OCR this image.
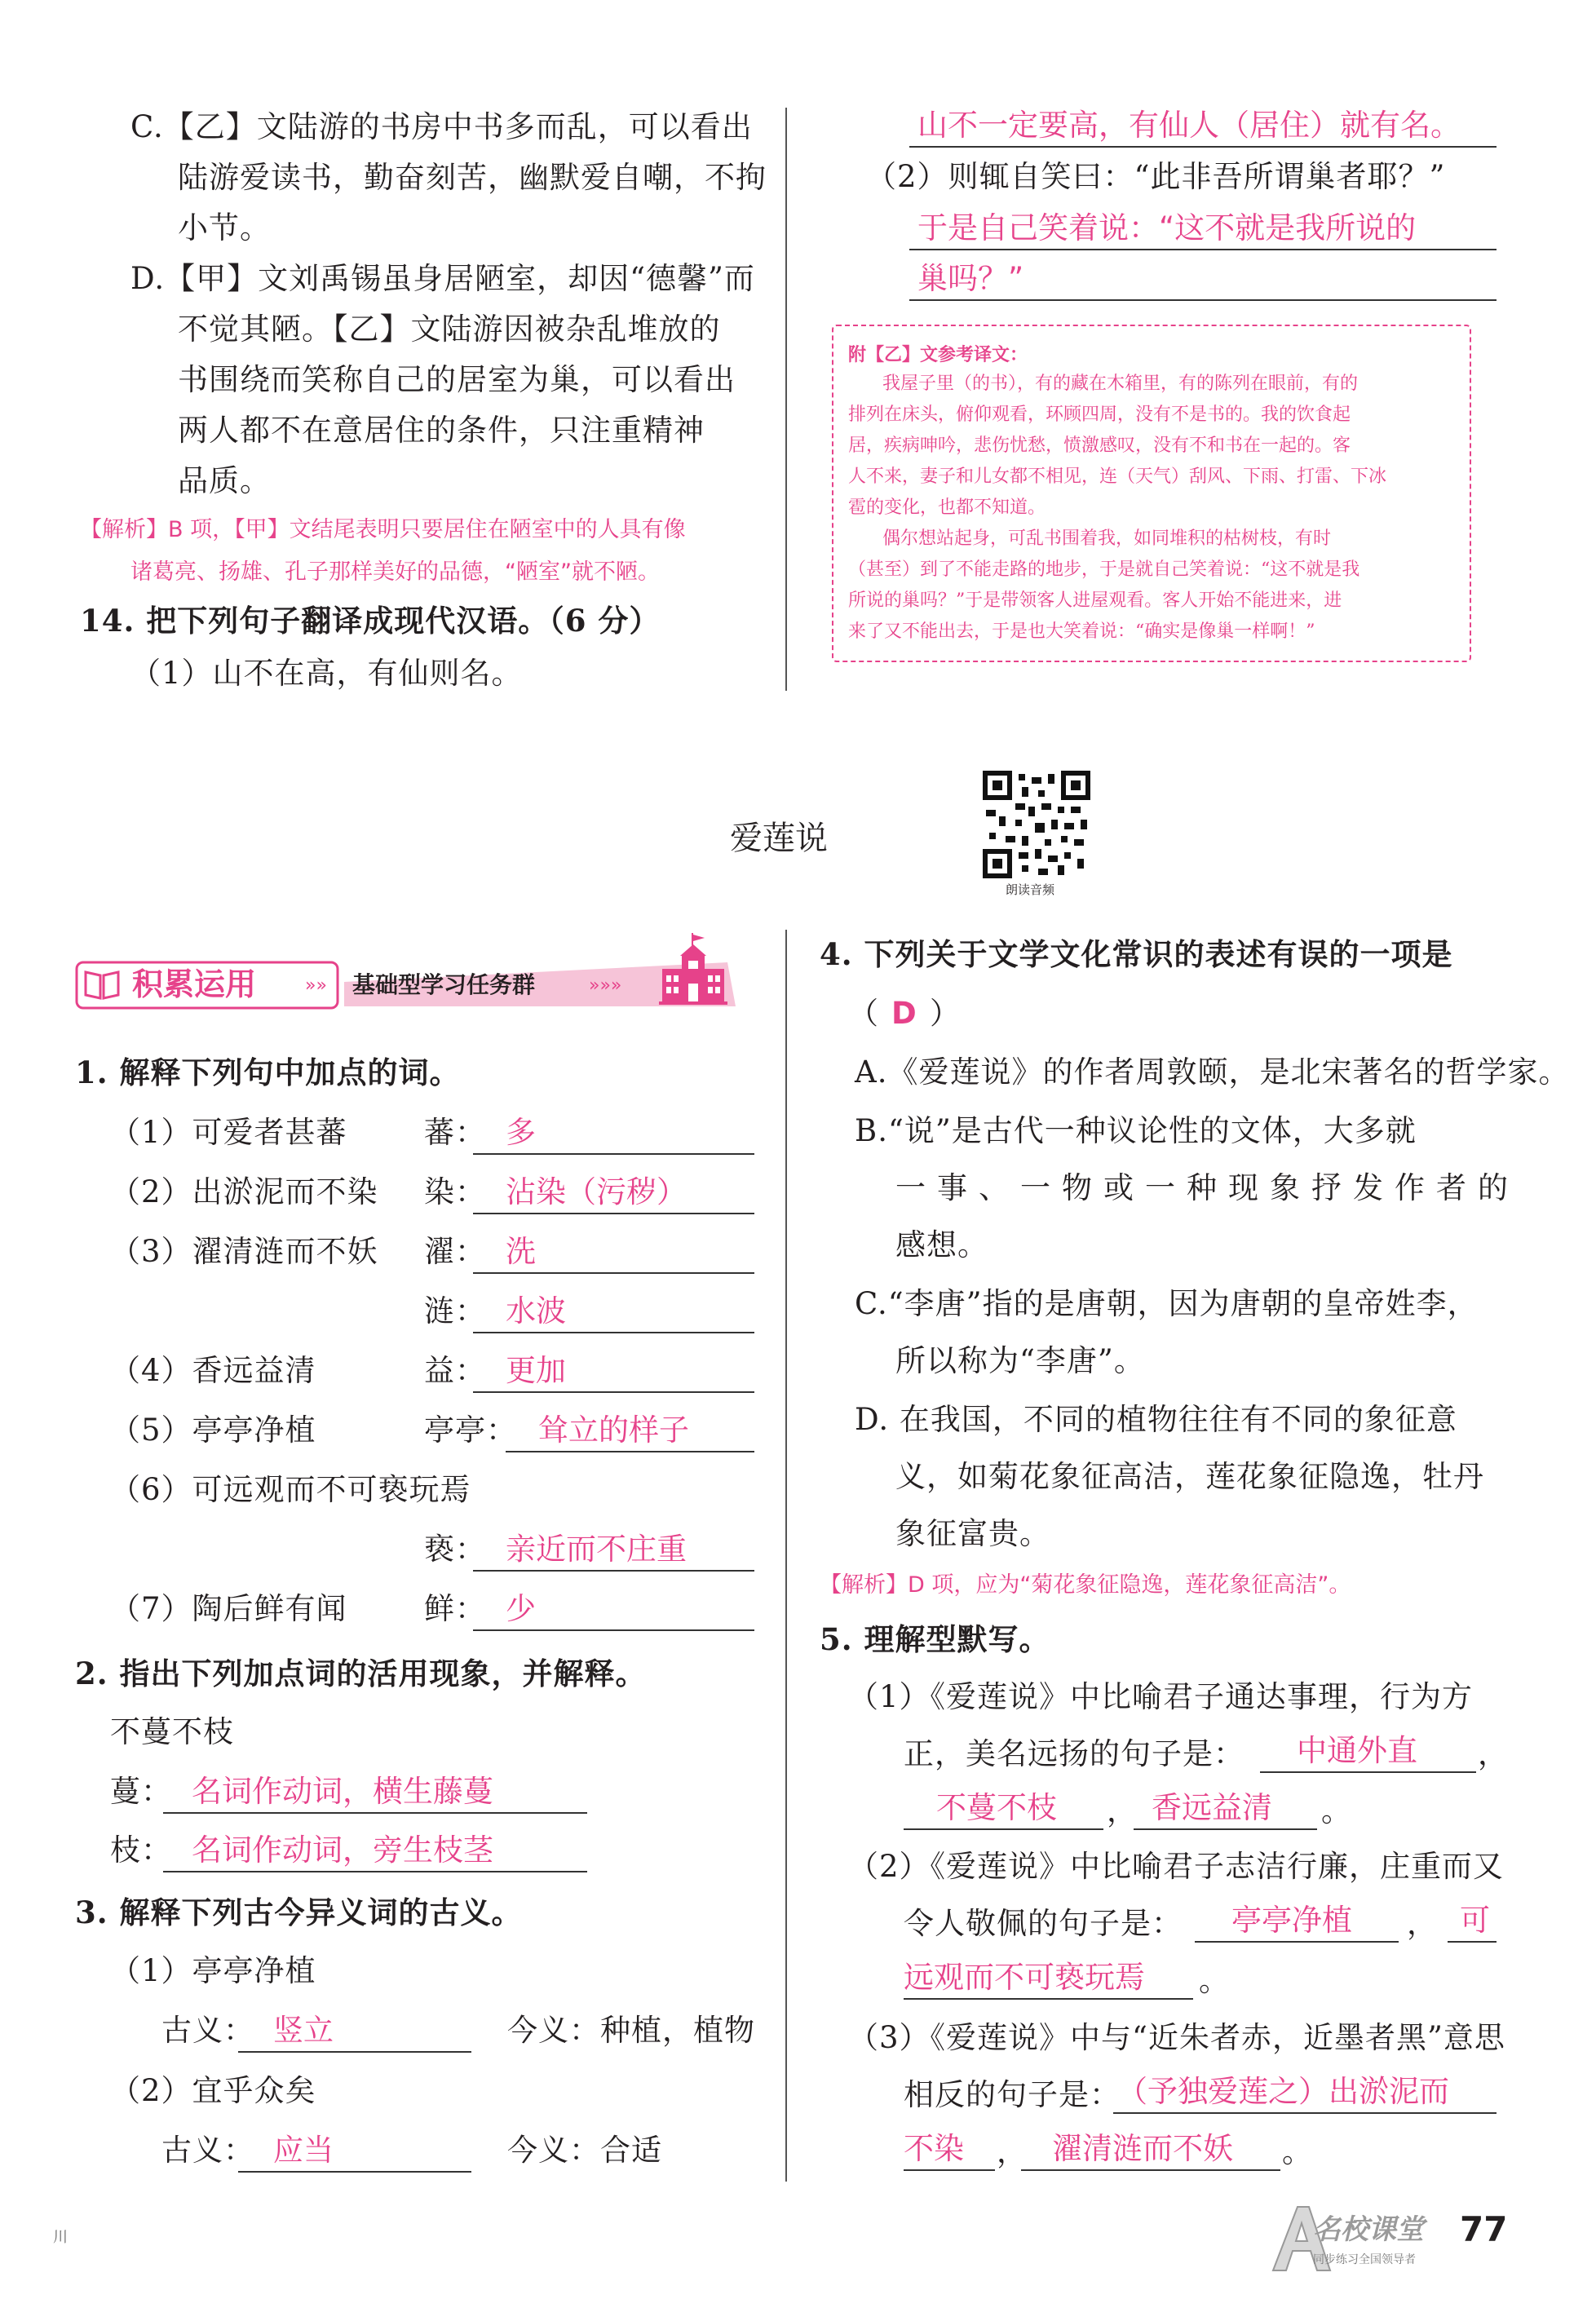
C.【乙】文陆游的书房中书多而乱，可以看出
陆游爱读书，勤奋刻苦，幽默爱自嘲，不拘
小节。
D.【甲】文刘禹锡虽身居陋室，却因“德馨”而
不觉其陋。【乙】文陆游因被杂乱堆放的
书围绕而笑称自己的居室为巢，可以看出
两人都不在意居住的条件，只注重精神
品质。
【解析】B 项，【甲】文结尾表明只要居住在陋室中的人具有像
诸葛亮、扬雄、孔子那样美好的品德，“陋室”就不陋。
14. 把下列句子翻译成现代汉语。（6 分）
（1）山不在高，有仙则名。
山不一定要高，有仙人（居住）就有名。
（2）则辄自笑曰：“此非吾所谓巢者耶？”
于是自己笑着说：“这不就是我所说的
巢吗？”
附【乙】文参考译文：
我屋子里（的书），有的藏在木箱里，有的陈列在眼前，有的
排列在床头，俯仰观看，环顾四周，没有不是书的。我的饮食起
居，疾病呻吟，悲伤忧愁，愤激感叹，没有不和书在一起的。客
人不来，妻子和儿女都不相见，连（天气）刮风、下雨、打雷、下冰
雹的变化，也都不知道。
偶尔想站起身，可乱书围着我，如同堆积的枯树枝，有时
（甚至）到了不能走路的地步，于是就自己笑着说：“这不就是我
所说的巢吗？”于是带领客人进屋观看。客人开始不能进来，进
来了又不能出去，于是也大笑着说：“确实是像巢一样啊！”
爱莲说
朗读音频
积累运用	»» 基础型学习任务群	»»»
1. 解释下列句中加点的词。
（1）可爱者甚蕃	蕃： 多
（2）出淤泥而不染 染： 沾染（污秽）
（3）濯清涟而不妖 濯： 洗
涟： 水波
（4）香远益清	益： 更加
（5）亭亭净植	亭亭： 耸立的样子
（6）可远观而不可亵玩焉
亵： 亲近而不庄重
（7）陶后鲜有闻	鲜： 少
2. 指出下列加点词的活用现象，并解释。
不蔓不枝
蔓： 名词作动词，横生藤蔓
枝： 名词作动词，旁生枝茎
3. 解释下列古今异义词的古义。
（1）亭亭净植
古义： 竖立	今义：种植，植物
（2）宜乎众矣
古义： 应当	今义：合适
4. 下列关于文学文化常识的表述有误的一项是
（ D ）
A.《爱莲说》的作者周敦颐，是北宋著名的哲学家。
B.“说”是古代一种议论性的文体，大多就
一事、一物或一种现象抒发作者的
感想。
C.“李唐”指的是唐朝，因为唐朝的皇帝姓李，
所以称为“李唐”。
D. 在我国，不同的植物往往有不同的象征意
义，如菊花象征高洁，莲花象征隐逸，牡丹
象征富贵。
【解析】D 项，应为“菊花象征隐逸，莲花象征高洁”。
5. 理解型默写。
（1）《爱莲说》中比喻君子通达事理，行为方
正，美名远扬的句子是： 中通外直 ，
不蔓不枝 ， 香远益清 。
（2）《爱莲说》中比喻君子志洁行廉，庄重而又
令人敬佩的句子是： 亭亭净植 ， 可
远观而不可亵玩焉 。
（3）《爱莲说》中与“近朱者赤，近墨者黑”意思
相反的句子是：
（予独爱莲之）出淤泥而
不染 ， 濯清涟而不妖 。
川	名校课堂
同步练习全国领导者
77
